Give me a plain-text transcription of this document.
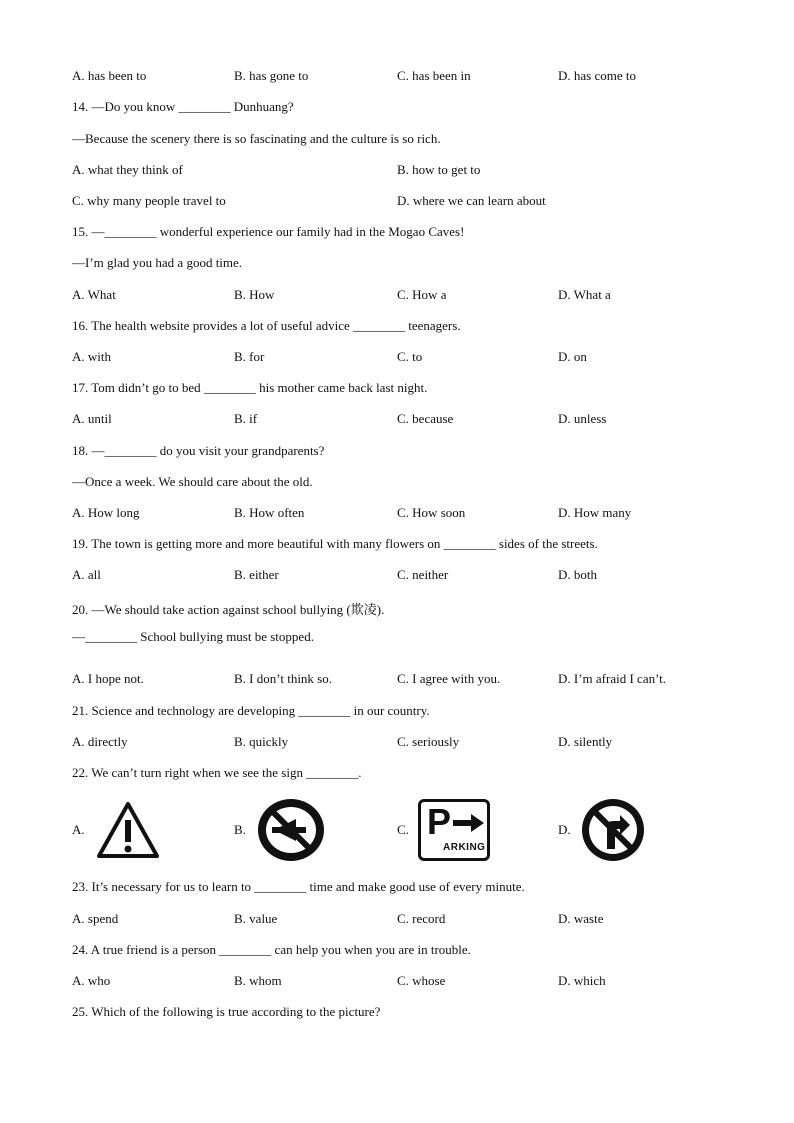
A. has been to	B. has gone to	C. has been in	D. has come to
14. —Do you know ________ Dunhuang?
—Because the scenery there is so fascinating and the culture is so rich.
A. what they think of	B. how to get to
C. why many people travel to	D. where we can learn about
15. —________ wonderful experience our family had in the Mogao Caves!
—I’m glad you had a good time.
A. What	B. How	C. How a	D. What a
16. The health website provides a lot of useful advice ________ teenagers.
A. with	B. for	C. to	D. on
17. Tom didn’t go to bed ________ his mother came back last night.
A. until	B. if	C. because	D. unless
18. —________ do you visit your grandparents?
—Once a week. We should care about the old.
A. How long	B. How often	C. How soon	D. How many
19. The town is getting more and more beautiful with many flowers on ________ sides of the streets.
A. all	B. either	C. neither	D. both
20. —We should take action against school bullying (欺凌).
—________ School bullying must be stopped.
A. I hope not.	B. I don’t think so.	C. I agree with you.	D. I’m afraid I can’t.
21. Science and technology are developing ________ in our country.
A. directly	B. quickly	C. seriously	D. silently
22. We can’t turn right when we see the sign ________.
A.	B.	C.	D.
P
ARKING
23. It’s necessary for us to learn to ________ time and make good use of every minute.
A. spend	B. value	C. record	D. waste
24. A true friend is a person ________ can help you when you are in trouble.
A. who	B. whom	C. whose	D. which
25. Which of the following is true according to the picture?
